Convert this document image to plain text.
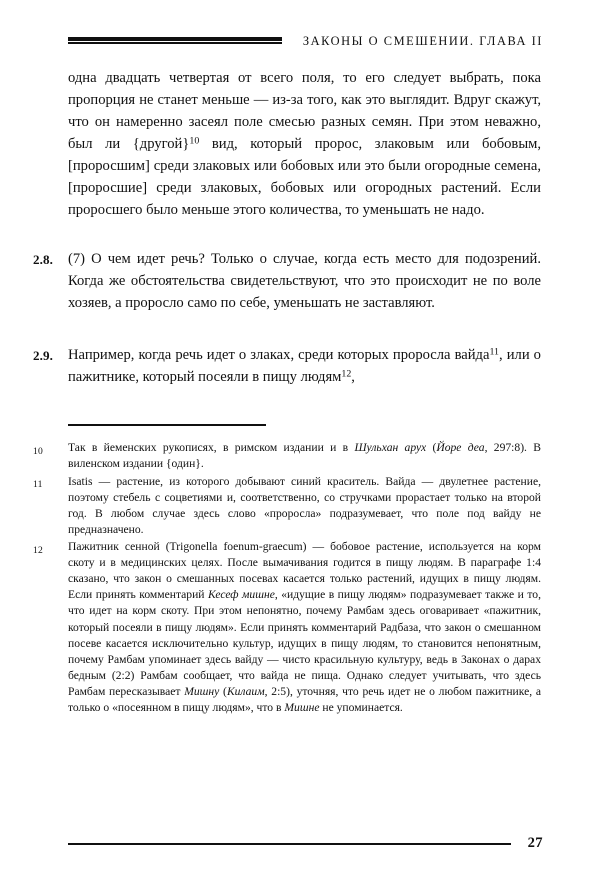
ЗАКОНЫ О СМЕШЕНИИ. ГЛАВА II
одна двадцать четвертая от всего поля, то его следует выбрать, пока пропорция не станет меньше — из-за того, как это выглядит. Вдруг скажут, что он намеренно засеял поле смесью разных семян. При этом неважно, был ли {другой}$^{10}$ вид, который пророс, злаковым или бобовым, [проросшим] среди злаковых или бобовых или это были огородные семена, [проросшие] среди злаковых, бобовых или огородных растений. Если проросшего было меньше этого количества, то уменьшать не надо.
2.8.	(7) О чем идет речь? Только о случае, когда есть место для подозрений. Когда же обстоятельства свидетельствуют, что это происходит не по воле хозяев, а проросло само по себе, уменьшать не заставляют.
2.9.	Например, когда речь идет о злаках, среди которых проросла вайда$^{11}$, или о пажитнике, который посеяли в пищу людям$^{12}$,
10	Так в йеменских рукописях, в римском издании и в Шульхан арух (Йоре деа, 297:8). В виленском издании {один}.
11	Isatis — растение, из которого добывают синий краситель. Вайда — двулетнее растение, поэтому стебель с соцветиями и, соответственно, со стручками прорастает только на второй год. В любом случае здесь слово «проросла» подразумевает, что поле под вайду не предназначено.
12	Пажитник сенной (Trigonella foenum-graecum) — бобовое растение, используется на корм скоту и в медицинских целях. После вымачивания годится в пищу людям. В параграфе 1:4 сказано, что закон о смешанных посевах касается только растений, идущих в пищу людям. Если принять комментарий Кесеф мишне, «идущие в пищу людям» подразумевает также и то, что идет на корм скоту. При этом непонятно, почему Рамбам здесь оговаривает «пажитник, который посеяли в пищу людям». Если принять комментарий Радбаза, что закон о смешанном посеве касается исключительно культур, идущих в пищу людям, то становится непонятным, почему Рамбам упоминает здесь вайду — чисто красильную культуру, ведь в Законах о дарах бедным (2:2) Рамбам сообщает, что вайда не пища. Однако следует учитывать, что здесь Рамбам пересказывает Мишну (Килаим, 2:5), уточняя, что речь идет не о любом пажитнике, а только о «посеянном в пищу людям», что в Мишне не упоминается.
27
